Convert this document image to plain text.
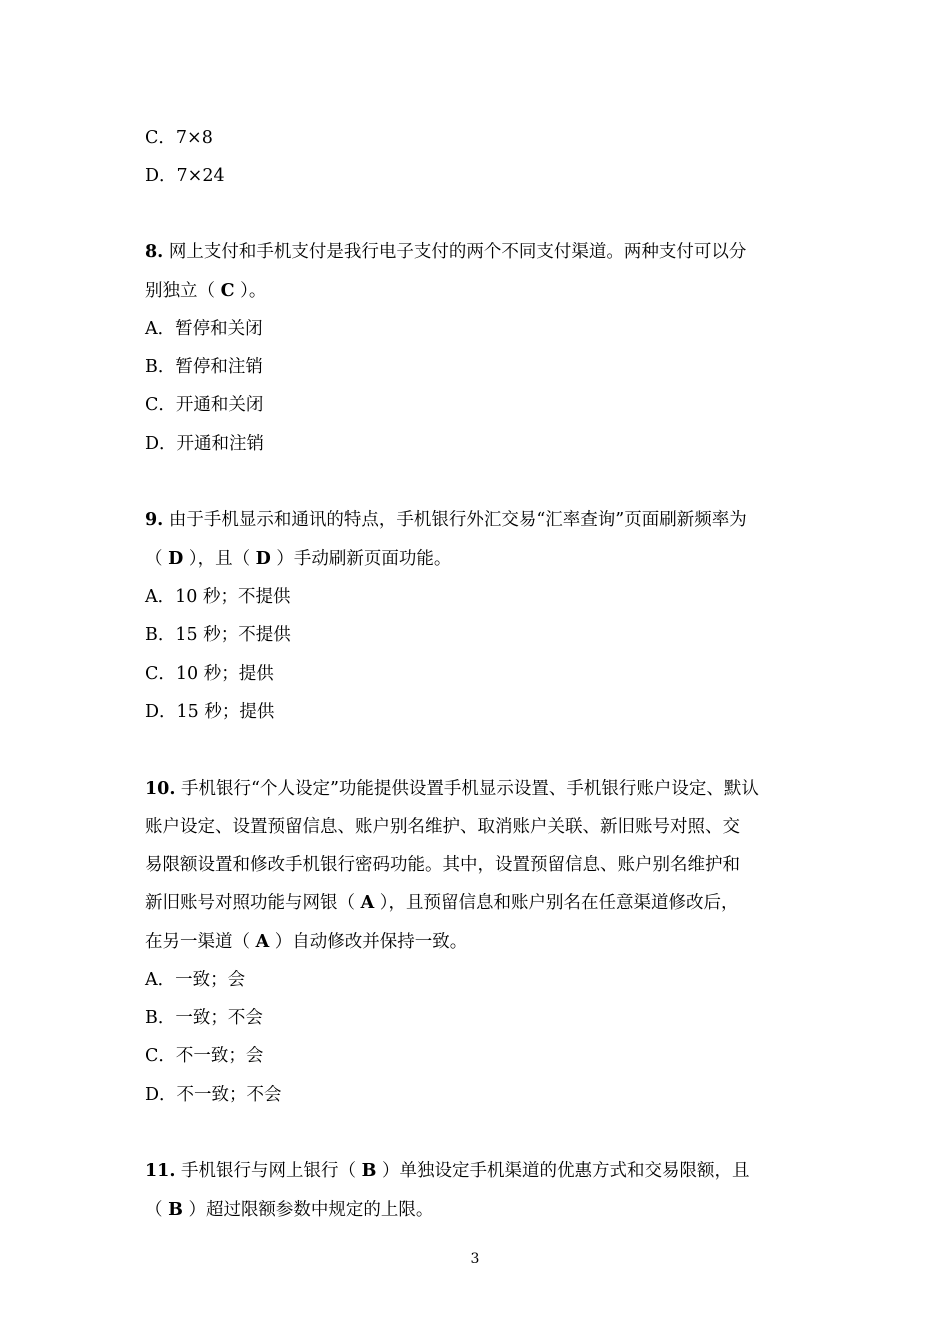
C．7×8
D．7×24
8. 网上支付和手机支付是我行电子支付的两个不同支付渠道。两种支付可以分
别独立（ C ）。
A．暂停和关闭
B．暂停和注销
C．开通和关闭
D．开通和注销
9. 由于手机显示和通讯的特点，手机银行外汇交易“汇率查询”页面刷新频率为
（ D ），且（ D ）手动刷新页面功能。
A．10 秒；不提供
B．15 秒；不提供
C．10 秒；提供
D．15 秒；提供
10. 手机银行“个人设定”功能提供设置手机显示设置、手机银行账户设定、默认
账户设定、设置预留信息、账户别名维护、取消账户关联、新旧账号对照、交
易限额设置和修改手机银行密码功能。其中，设置预留信息、账户别名维护和
新旧账号对照功能与网银（ A ），且预留信息和账户别名在任意渠道修改后，
在另一渠道（ A ）自动修改并保持一致。
A．一致；会
B．一致；不会
C．不一致；会
D．不一致；不会
11. 手机银行与网上银行（ B ）单独设定手机渠道的优惠方式和交易限额，且
（ B ）超过限额参数中规定的上限。
3
